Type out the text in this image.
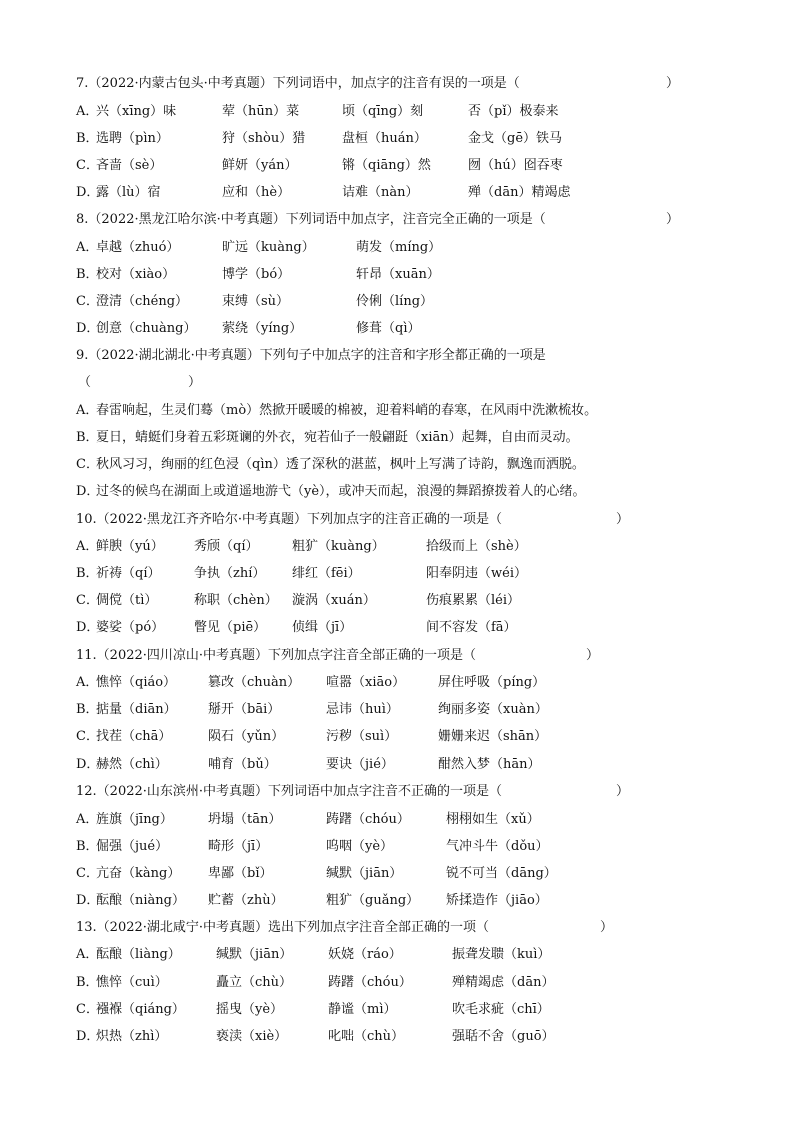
7.（2022·内蒙古包头·中考真题）下列词语中，加点字的注音有误的一项是（	）
A．
兴（xīng）味	荤（hūn）菜	顷（qīng）刻	否（pǐ）极泰来
B．
选聘（pìn）	狩（shòu）猎	盘桓（huán）	金戈（gē）铁马
C．
吝啬（sè）	鲜妍（yán）	锵（qiāng）然	囫（hú）囵吞枣
D．
露（lù）宿	应和（hè）	诘难（nàn）	殚（dān）精竭虑
8.（2022·黑龙江哈尔滨·中考真题）下列词语中加点字，注音完全正确的一项是（	）
A．
卓越（zhuó）	旷远（kuàng）	萌发（míng）
B．
校对（xiào）	博学（bó）	轩昂（xuān）
C．
澄清（chéng）	束缚（sù）	伶俐（líng）
D．
创意（chuàng） 萦绕（yíng）	修葺（qì）
9.（2022·湖北湖北·中考真题）下列句子中加点字的注音和字形全都正确的一项是
（	）
A．
春雷响起，生灵们蓦（mò）然掀开暖暖的棉被，迎着料峭的春寒，在风雨中洗漱梳妆。
B．
夏日，蜻蜓们身着五彩斑谰的外衣，宛若仙子一般翩跹（xiān）起舞，自由而灵动。
C．
秋风习习，绚丽的红色浸（qìn）透了深秋的湛蓝，枫叶上写满了诗韵，飘逸而洒脱。
D．
过冬的候鸟在湖面上或道遥地游弋（yè），或冲天而起，浪漫的舞蹈撩拨着人的心绪。
10.（2022·黑龙江齐齐哈尔·中考真题）下列加点字的注音正确的一项是（	）
A．
鲜腴（yú） 秀颀（qí）	粗犷（kuàng）	拾级而上（shè）
B．
祈祷（qí）	争执（zhí） 绯红（fēi）	阳奉阴违（wéi）
C．
倜傥（tì）	称职（chèn） 漩涡（xuán）	伤痕累累（léi）
D．
婆娑（pó） 瞥见（piē） 侦缉（jī）	间不容发（fā）
11.（2022·四川凉山·中考真题）下列加点字注音全部正确的一项是（	）
A．
憔悴（qiáo） 篡改（chuàn） 喧嚣（xiāo）	屏住呼吸（píng）
B．
掂量（diān） 掰开（bāi）	忌讳（huì）	绚丽多姿（xuàn）
C．
找茬（chā）	陨石（yǔn）	污秽（suì）	姗姗来迟（shān）
D．
赫然（chì）	哺育（bǔ）	要诀（jié）	酣然入梦（hān）
12.（2022·山东滨州·中考真题）下列词语中加点字注音不正确的一项是（	）
A．
旌旗（jīng）	坍塌（tān）	踌躇（chóu）	栩栩如生（xǔ）
B．
倔强（jué）	畸形（jī）	呜咽（yè）	气冲斗牛（dǒu）
C．
亢奋（kàng） 卑鄙（bǐ）	缄默（jiān）	锐不可当（dāng）
D．
酝酿（niàng） 贮蓄（zhù）	粗犷（guǎng） 矫揉造作（jiāo）
13.（2022·湖北咸宁·中考真题）选出下列加点字注音全部正确的一项（	）
A．
酝酿（liàng）	缄默（jiān）	妖娆（ráo）	振聋发聩（kuì）
B．
憔悴（cuì）	矗立（chù）	踌躇（chóu）	殚精竭虑（dān）
C．
襁褓（qiáng） 摇曳（yè）	静谧（mì）	吹毛求疵（chī）
D．
炽热（zhì）	亵渎（xiè）	叱咄（chù）	强聒不舍（guō）
